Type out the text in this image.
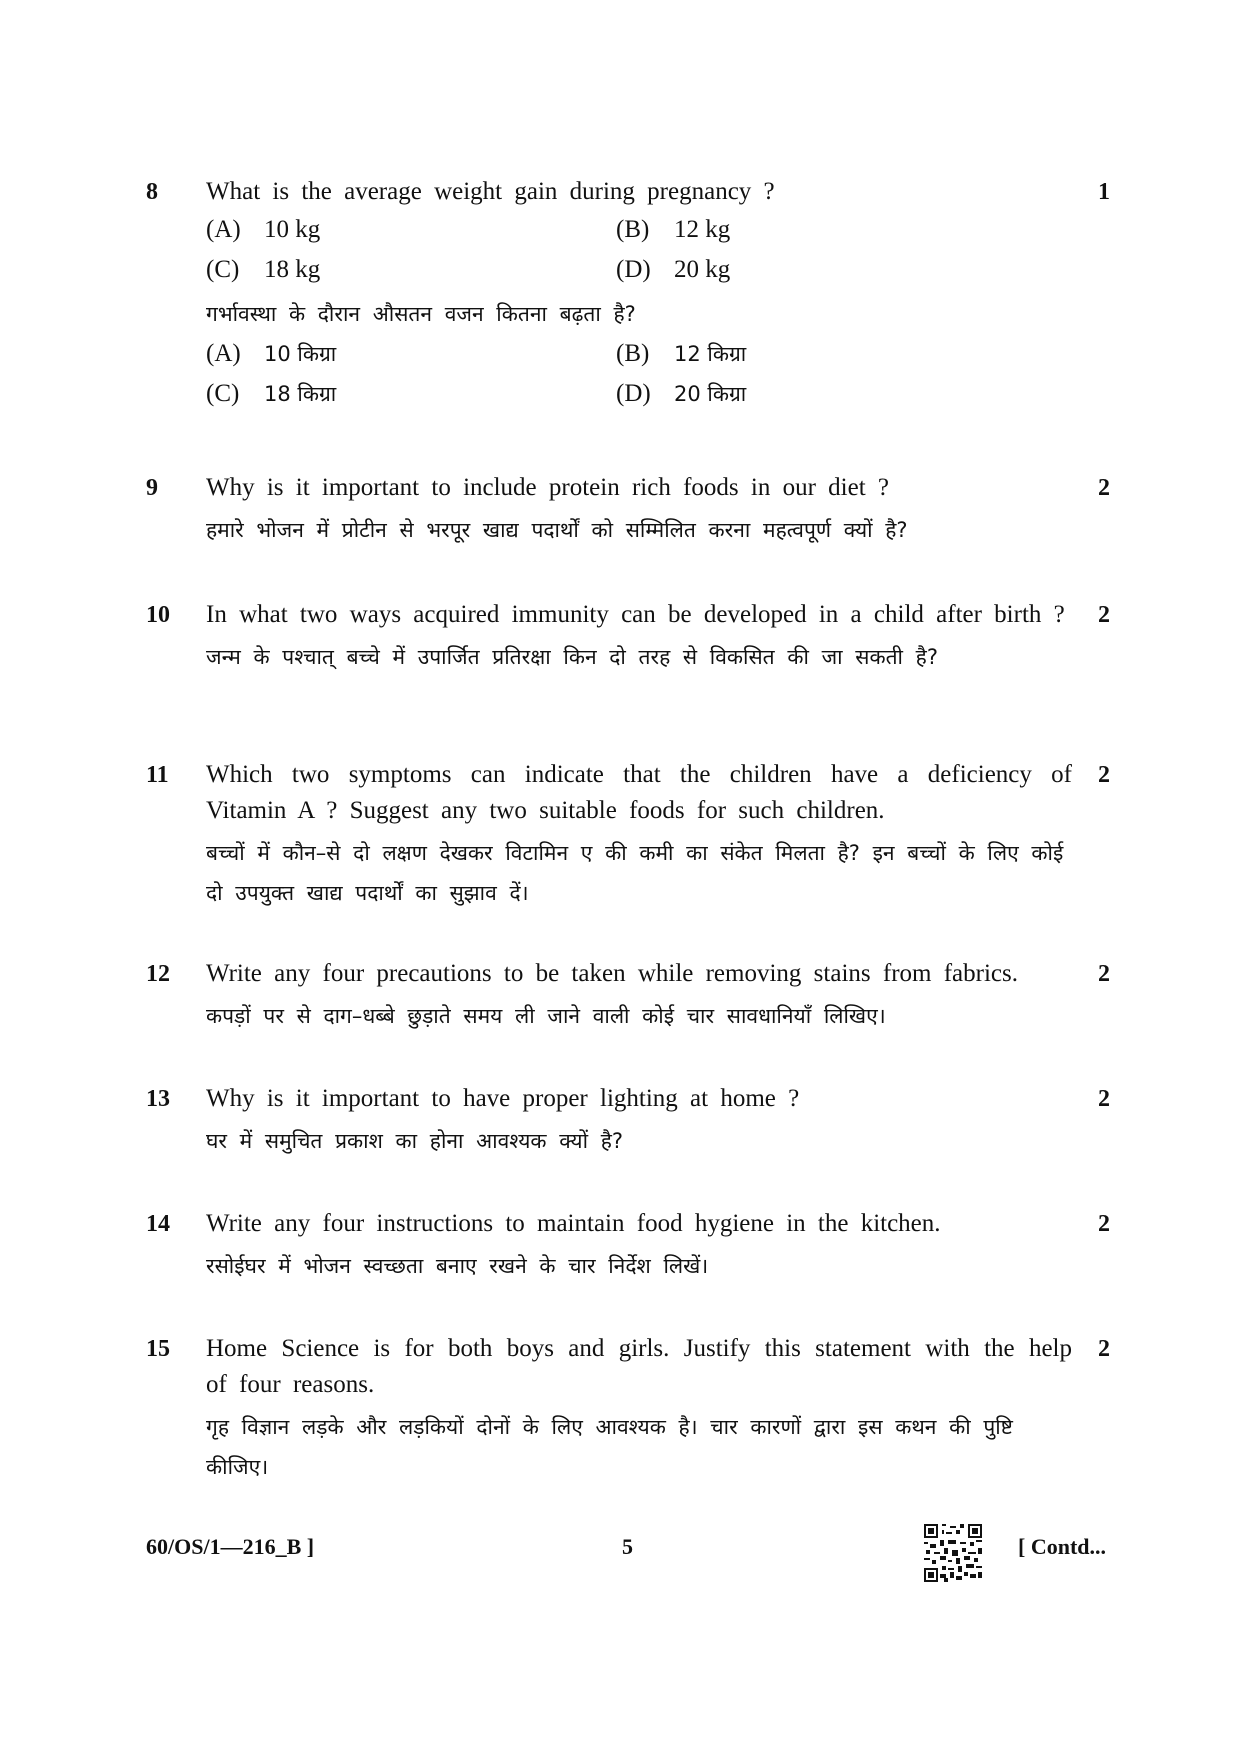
8 What is the average weight gain during pregnancy ?
(A) 10 kg	(B) 12 kg
(C) 18 kg	(D) 20 kg
गर्भावस्था के दौरान औसतन वजन कितना बढ़ता है?
(A) 10 किग्रा	(B) 12 किग्रा
(C) 18 किग्रा	(D) 20 किग्रा
1
9 Why is it important to include protein rich foods in our diet ?
हमारे भोजन में प्रोटीन से भरपूर खाद्य पदार्थों को सम्मिलित करना महत्वपूर्ण क्यों है?
2
10 In what two ways acquired immunity can be developed in a child after birth ?
जन्म के पश्चात् बच्चे में उपार्जित प्रतिरक्षा किन दो तरह से विकसित की जा सकती है?
2
11 Which two symptoms can indicate that the children have a deficiency of Vitamin A ? Suggest any two suitable foods for such children.
बच्चों में कौन–से दो लक्षण देखकर विटामिन ए की कमी का संकेत मिलता है? इन बच्चों के लिए कोई दो उपयुक्त खाद्य पदार्थों का सुझाव दें।
2
12 Write any four precautions to be taken while removing stains from fabrics.
कपड़ों पर से दाग–धब्बे छुड़ाते समय ली जाने वाली कोई चार सावधानियाँ लिखिए।
2
13 Why is it important to have proper lighting at home ?
घर में समुचित प्रकाश का होना आवश्यक क्यों है?
2
14 Write any four instructions to maintain food hygiene in the kitchen.
रसोईघर में भोजन स्वच्छता बनाए रखने के चार निर्देश लिखें।
2
15 Home Science is for both boys and girls. Justify this statement with the help of four reasons.
गृह विज्ञान लड़के और लड़कियों दोनों के लिए आवश्यक है। चार कारणों द्वारा इस कथन की पुष्टि कीजिए।
2
60/OS/1—216_B ]	5	[ Contd...
